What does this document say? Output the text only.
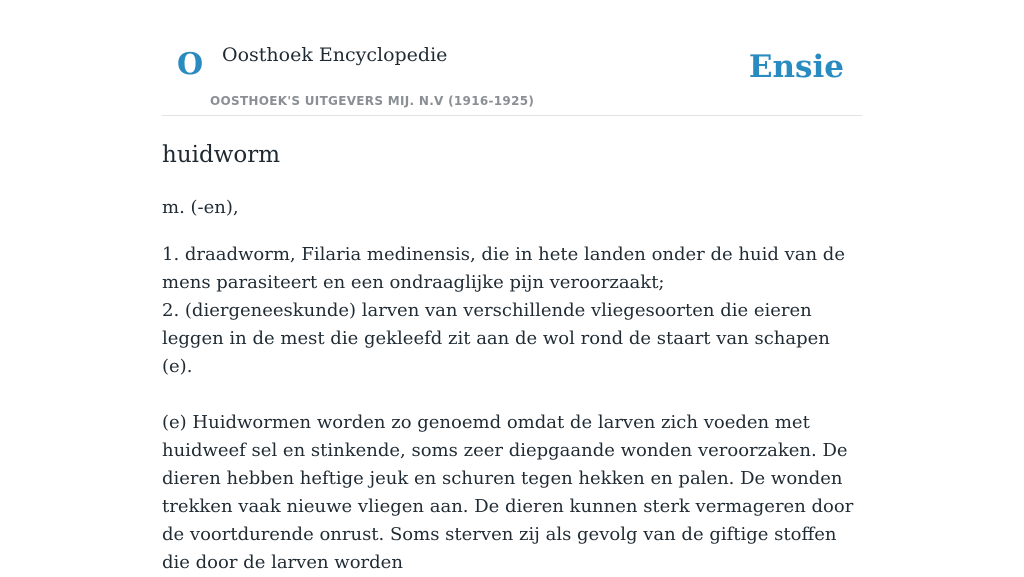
O Oosthoek Encyclopedie
OOSTHOEK'S UITGEVERS MIJ. N.V (1916-1925)
Ensie
huidworm

m. (-en),

1. draadworm, Filaria medinensis, die in hete landen onder de huid van de mens parasiteert en een ondraaglijke pijn veroorzaakt;

2. (diergeneeskunde) larven van verschillende vliegesoorten die eieren leggen in de mest die gekleefd zit aan de wol rond de staart van schapen (e).

(e) Huidwormen worden zo genoemd omdat de larven zich voeden met huidweef sel en stinkende, soms zeer diepgaande wonden veroorzaken. De dieren hebben heftige jeuk en schuren tegen hekken en palen. De wonden trekken vaak nieuwe vliegen aan. De dieren kunnen sterk vermageren door de voortdurende onrust. Soms sterven zij als gevolg van de giftige stoffen die door de larven worden
